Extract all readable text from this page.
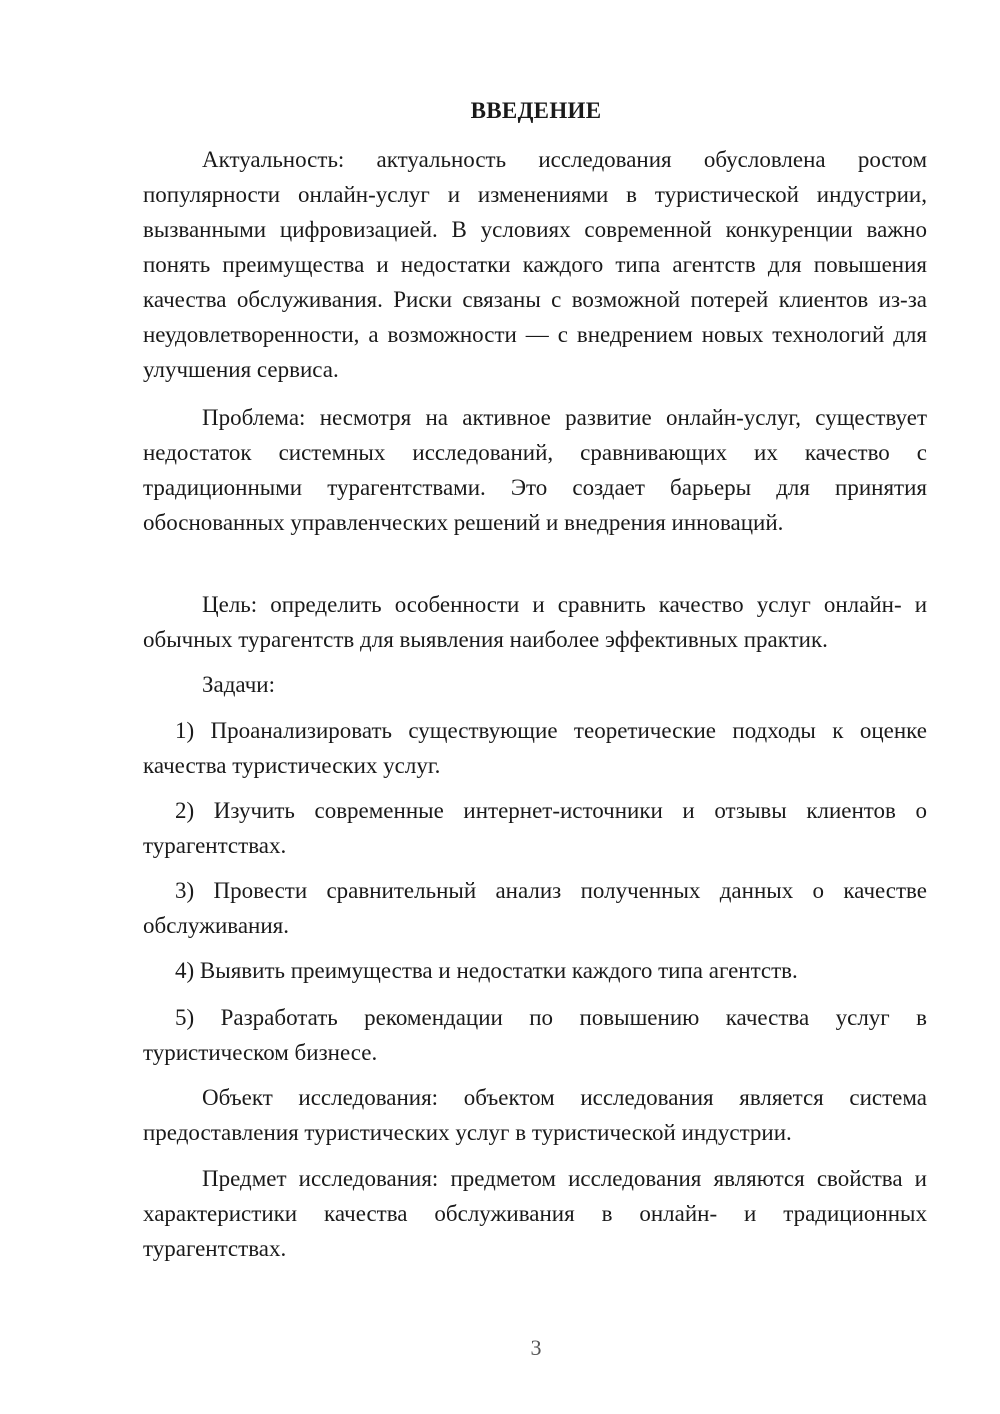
ВВЕДЕНИЕ

Актуальность: актуальность исследования обусловлена ростом популярности онлайн-услуг и изменениями в туристической индустрии, вызванными цифровизацией. В условиях современной конкуренции важно понять преимущества и недостатки каждого типа агентств для повышения качества обслуживания. Риски связаны с возможной потерей клиентов из-за неудовлетворенности, а возможности — с внедрением новых технологий для улучшения сервиса.

Проблема: несмотря на активное развитие онлайн-услуг, существует недостаток системных исследований, сравнивающих их качество с традиционными турагентствами. Это создает барьеры для принятия обоснованных управленческих решений и внедрения инноваций.

Цель: определить особенности и сравнить качество услуг онлайн- и обычных турагентств для выявления наиболее эффективных практик.

Задачи:

1) Проанализировать существующие теоретические подходы к оценке качества туристических услуг.

2) Изучить современные интернет-источники и отзывы клиентов о турагентствах.

3) Провести сравнительный анализ полученных данных о качестве обслуживания.

4) Выявить преимущества и недостатки каждого типа агентств.

5) Разработать рекомендации по повышению качества услуг в туристическом бизнесе.

Объект исследования: объектом исследования является система предоставления туристических услуг в туристической индустрии.

Предмет исследования: предметом исследования являются свойства и характеристики качества обслуживания в онлайн- и традиционных турагентствах.

3
